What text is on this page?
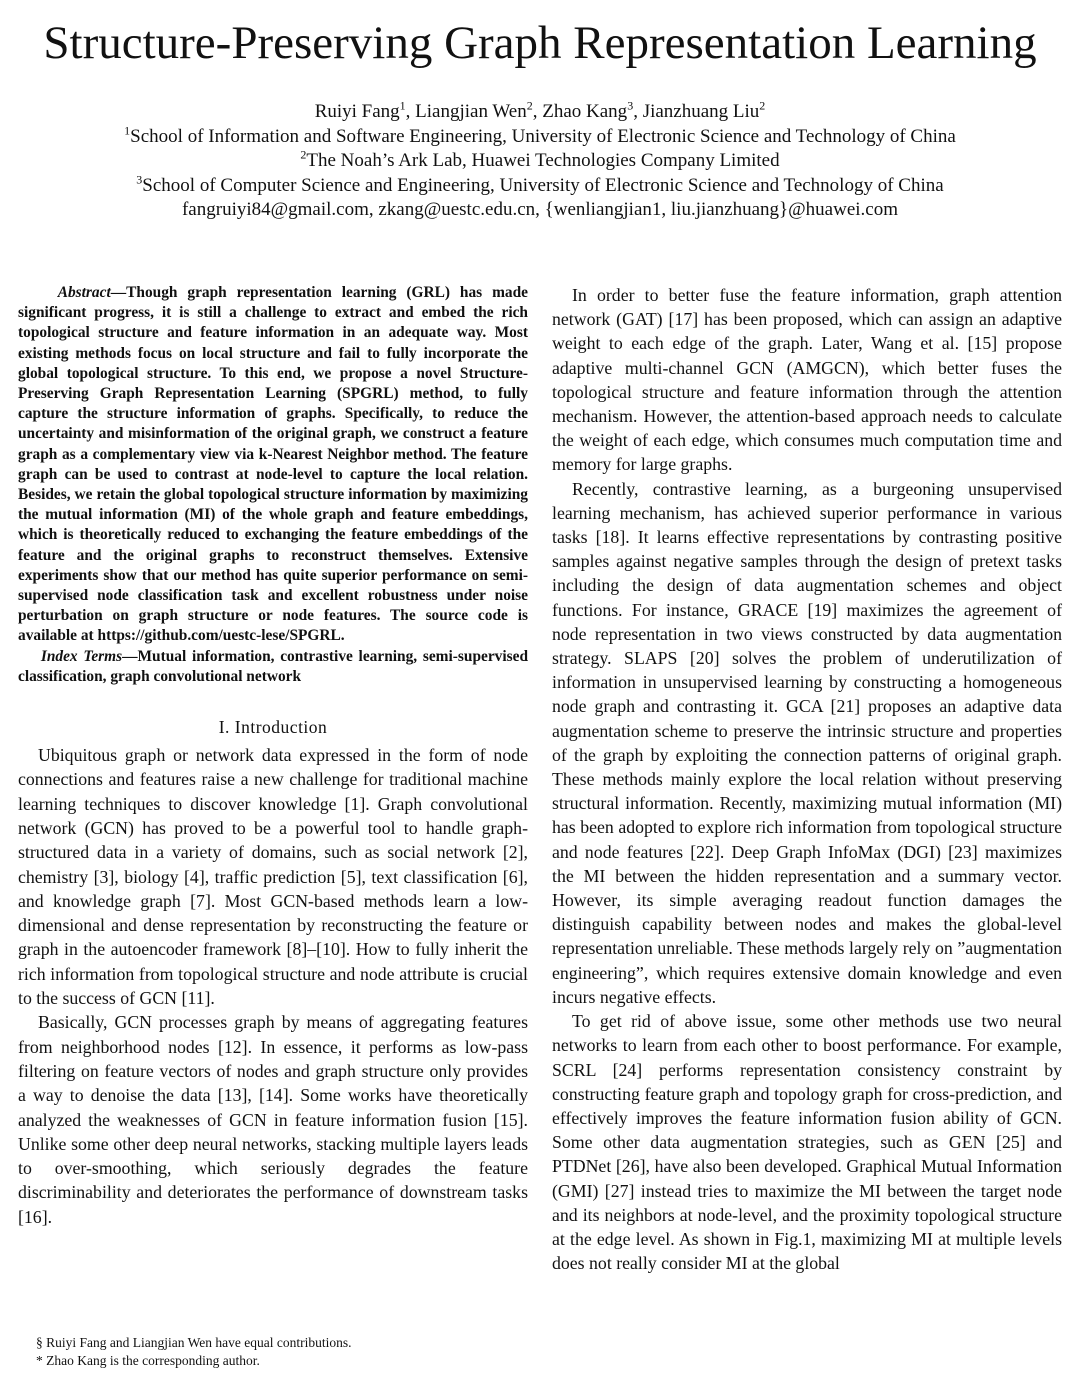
Structure-Preserving Graph Representation Learning
Ruiyi Fang$^1$, Liangjian Wen$^2$, Zhao Kang$^3$, Jianzhuang Liu$^2$
$^1$School of Information and Software Engineering, University of Electronic Science and Technology of China
$^2$The Noah’s Ark Lab, Huawei Technologies Company Limited
$^3$School of Computer Science and Engineering, University of Electronic Science and Technology of China
fangruiyi84@gmail.com, zkang@uestc.edu.cn, {wenliangjian1, liu.jianzhuang}@huawei.com

Abstract—Though graph representation learning (GRL) has made significant progress, it is still a challenge to extract and embed the rich topological structure and feature information in an adequate way. Most existing methods focus on local structure and fail to fully incorporate the global topological structure. To this end, we propose a novel Structure-Preserving Graph Representation Learning (SPGRL) method, to fully capture the structure information of graphs. Specifically, to reduce the uncertainty and misinformation of the original graph, we construct a feature graph as a complementary view via k-Nearest Neighbor method. The feature graph can be used to contrast at node-level to capture the local relation. Besides, we retain the global topological structure information by maximizing the mutual information (MI) of the whole graph and feature embeddings, which is theoretically reduced to exchanging the feature embeddings of the feature and the original graphs to reconstruct themselves. Extensive experiments show that our method has quite superior performance on semi-supervised node classification task and excellent robustness under noise perturbation on graph structure or node features. The source code is available at https://github.com/uestc-lese/SPGRL.

Index Terms—Mutual information, contrastive learning, semi-supervised classification, graph convolutional network

I. Introduction

Ubiquitous graph or network data expressed in the form of node connections and features raise a new challenge for traditional machine learning techniques to discover knowledge [1]. Graph convolutional network (GCN) has proved to be a powerful tool to handle graph-structured data in a variety of domains, such as social network [2], chemistry [3], biology [4], traffic prediction [5], text classification [6], and knowledge graph [7]. Most GCN-based methods learn a low-dimensional and dense representation by reconstructing the feature or graph in the autoencoder framework [8]–[10]. How to fully inherit the rich information from topological structure and node attribute is crucial to the success of GCN [11].

Basically, GCN processes graph by means of aggregating features from neighborhood nodes [12]. In essence, it performs as low-pass filtering on feature vectors of nodes and graph structure only provides a way to denoise the data [13], [14]. Some works have theoretically analyzed the weaknesses of GCN in feature information fusion [15]. Unlike some other deep neural networks, stacking multiple layers leads to over-smoothing, which seriously degrades the feature discriminability and deteriorates the performance of downstream tasks [16].

In order to better fuse the feature information, graph attention network (GAT) [17] has been proposed, which can assign an adaptive weight to each edge of the graph. Later, Wang et al. [15] propose adaptive multi-channel GCN (AMGCN), which better fuses the topological structure and feature information through the attention mechanism. However, the attention-based approach needs to calculate the weight of each edge, which consumes much computation time and memory for large graphs.

Recently, contrastive learning, as a burgeoning unsupervised learning mechanism, has achieved superior performance in various tasks [18]. It learns effective representations by contrasting positive samples against negative samples through the design of pretext tasks including the design of data augmentation schemes and object functions. For instance, GRACE [19] maximizes the agreement of node representation in two views constructed by data augmentation strategy. SLAPS [20] solves the problem of underutilization of information in unsupervised learning by constructing a homogeneous node graph and contrasting it. GCA [21] proposes an adaptive data augmentation scheme to preserve the intrinsic structure and properties of the graph by exploiting the connection patterns of original graph. These methods mainly explore the local relation without preserving structural information. Recently, maximizing mutual information (MI) has been adopted to explore rich information from topological structure and node features [22]. Deep Graph InfoMax (DGI) [23] maximizes the MI between the hidden representation and a summary vector. However, its simple averaging readout function damages the distinguish capability between nodes and makes the global-level representation unreliable. These methods largely rely on ”augmentation engineering”, which requires extensive domain knowledge and even incurs negative effects.

To get rid of above issue, some other methods use two neural networks to learn from each other to boost performance. For example, SCRL [24] performs representation consistency constraint by constructing feature graph and topology graph for cross-prediction, and effectively improves the feature information fusion ability of GCN. Some other data augmentation strategies, such as GEN [25] and PTDNet [26], have also been developed. Graphical Mutual Information (GMI) [27] instead tries to maximize the MI between the target node and its neighbors at node-level, and the proximity topological structure at the edge level. As shown in Fig.1, maximizing MI at multiple levels does not really consider MI at the global

§ Ruiyi Fang and Liangjian Wen have equal contributions.
* Zhao Kang is the corresponding author.
